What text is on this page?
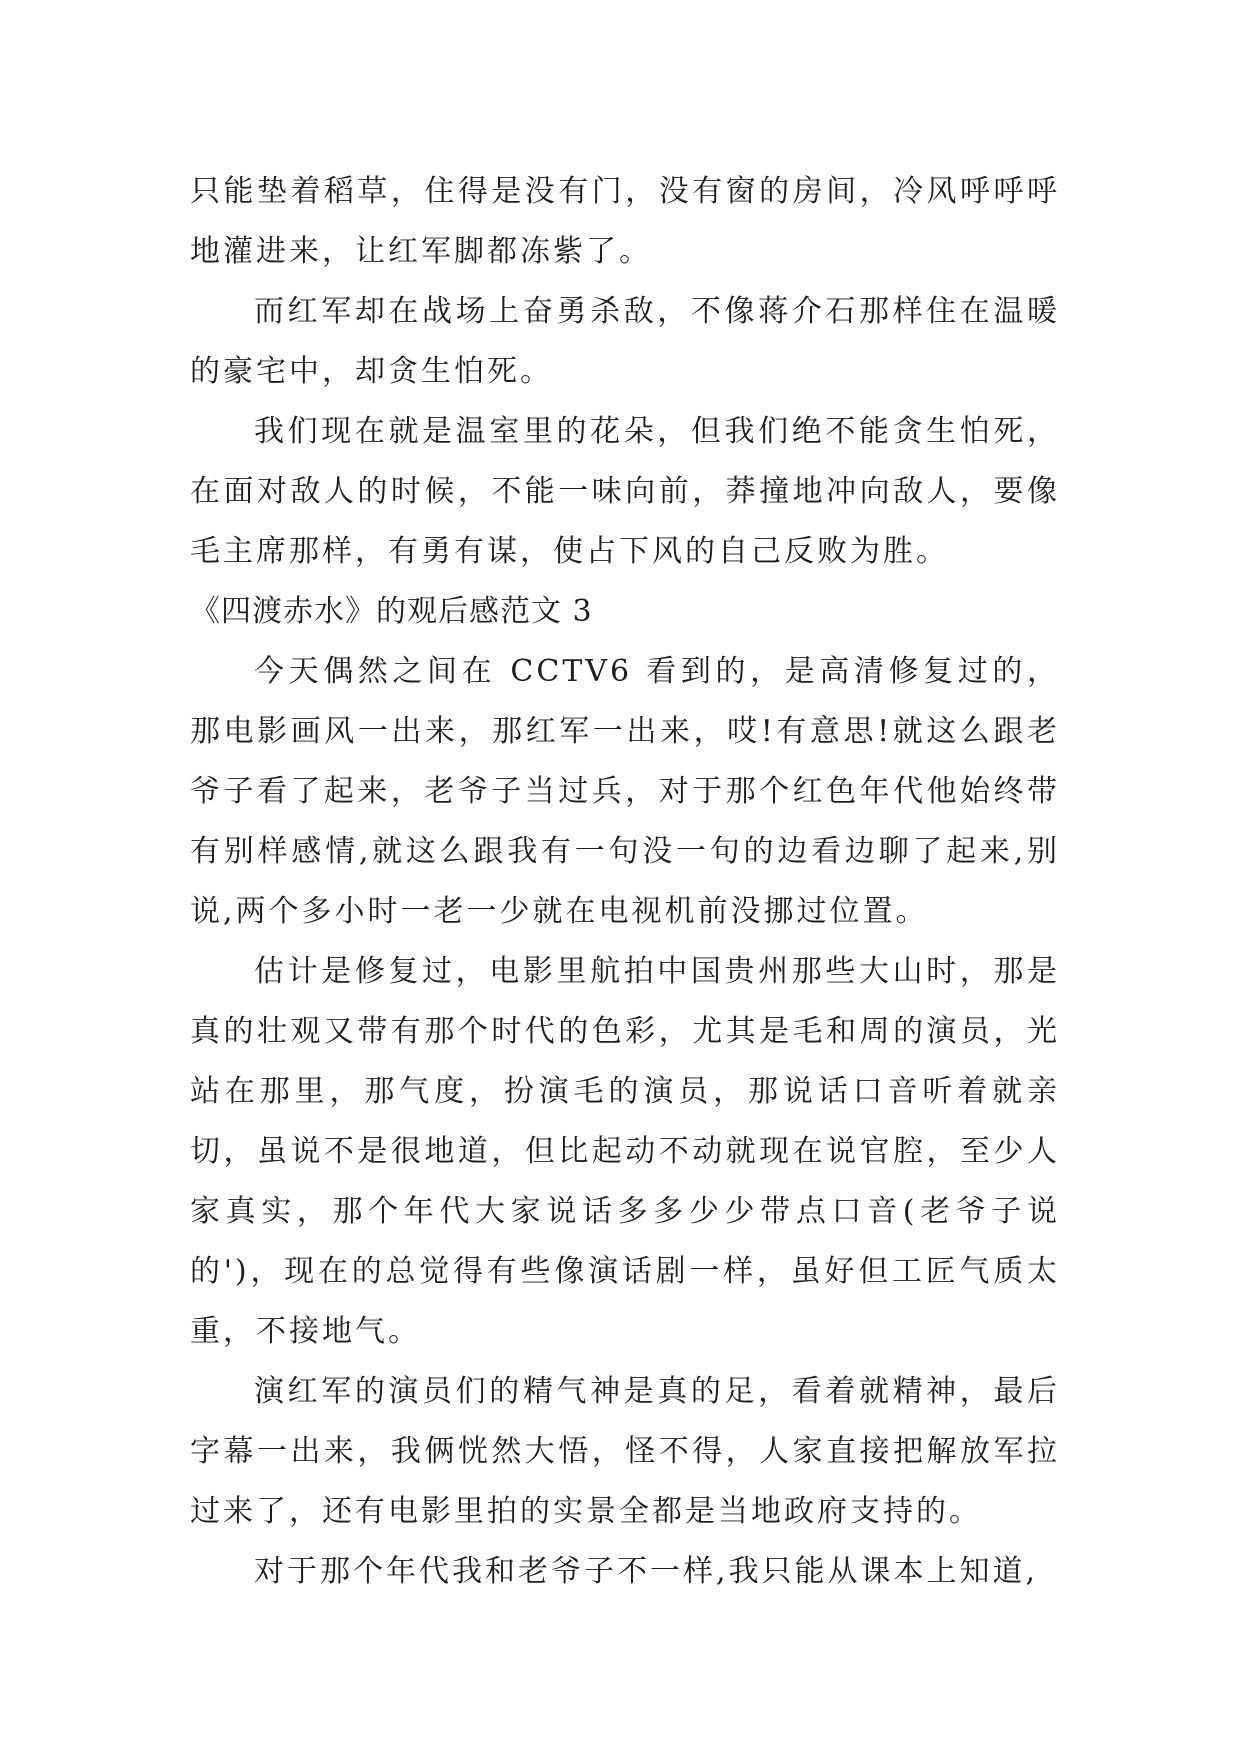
只能垫着稻草，住得是没有门，没有窗的房间，冷风呼呼呼地灌进来，让红军脚都冻紫了。

而红军却在战场上奋勇杀敌，不像蒋介石那样住在温暖的豪宅中，却贪生怕死。

我们现在就是温室里的花朵，但我们绝不能贪生怕死，在面对敌人的时候，不能一味向前，莽撞地冲向敌人，要像毛主席那样，有勇有谋，使占下风的自己反败为胜。

《四渡赤水》的观后感范文 3

今天偶然之间在 CCTV6 看到的，是高清修复过的，那电影画风一出来，那红军一出来，哎!有意思!就这么跟老爷子看了起来，老爷子当过兵，对于那个红色年代他始终带有别样感情,就这么跟我有一句没一句的边看边聊了起来,别说,两个多小时一老一少就在电视机前没挪过位置。

估计是修复过，电影里航拍中国贵州那些大山时，那是真的壮观又带有那个时代的色彩，尤其是毛和周的演员，光站在那里，那气度，扮演毛的演员，那说话口音听着就亲切，虽说不是很地道，但比起动不动就现在说官腔，至少人家真实，那个年代大家说话多多少少带点口音(老爷子说的')，现在的总觉得有些像演话剧一样，虽好但工匠气质太重，不接地气。

演红军的演员们的精气神是真的足，看着就精神，最后字幕一出来，我俩恍然大悟，怪不得，人家直接把解放军拉过来了，还有电影里拍的实景全都是当地政府支持的。

对于那个年代我和老爷子不一样,我只能从课本上知道,
